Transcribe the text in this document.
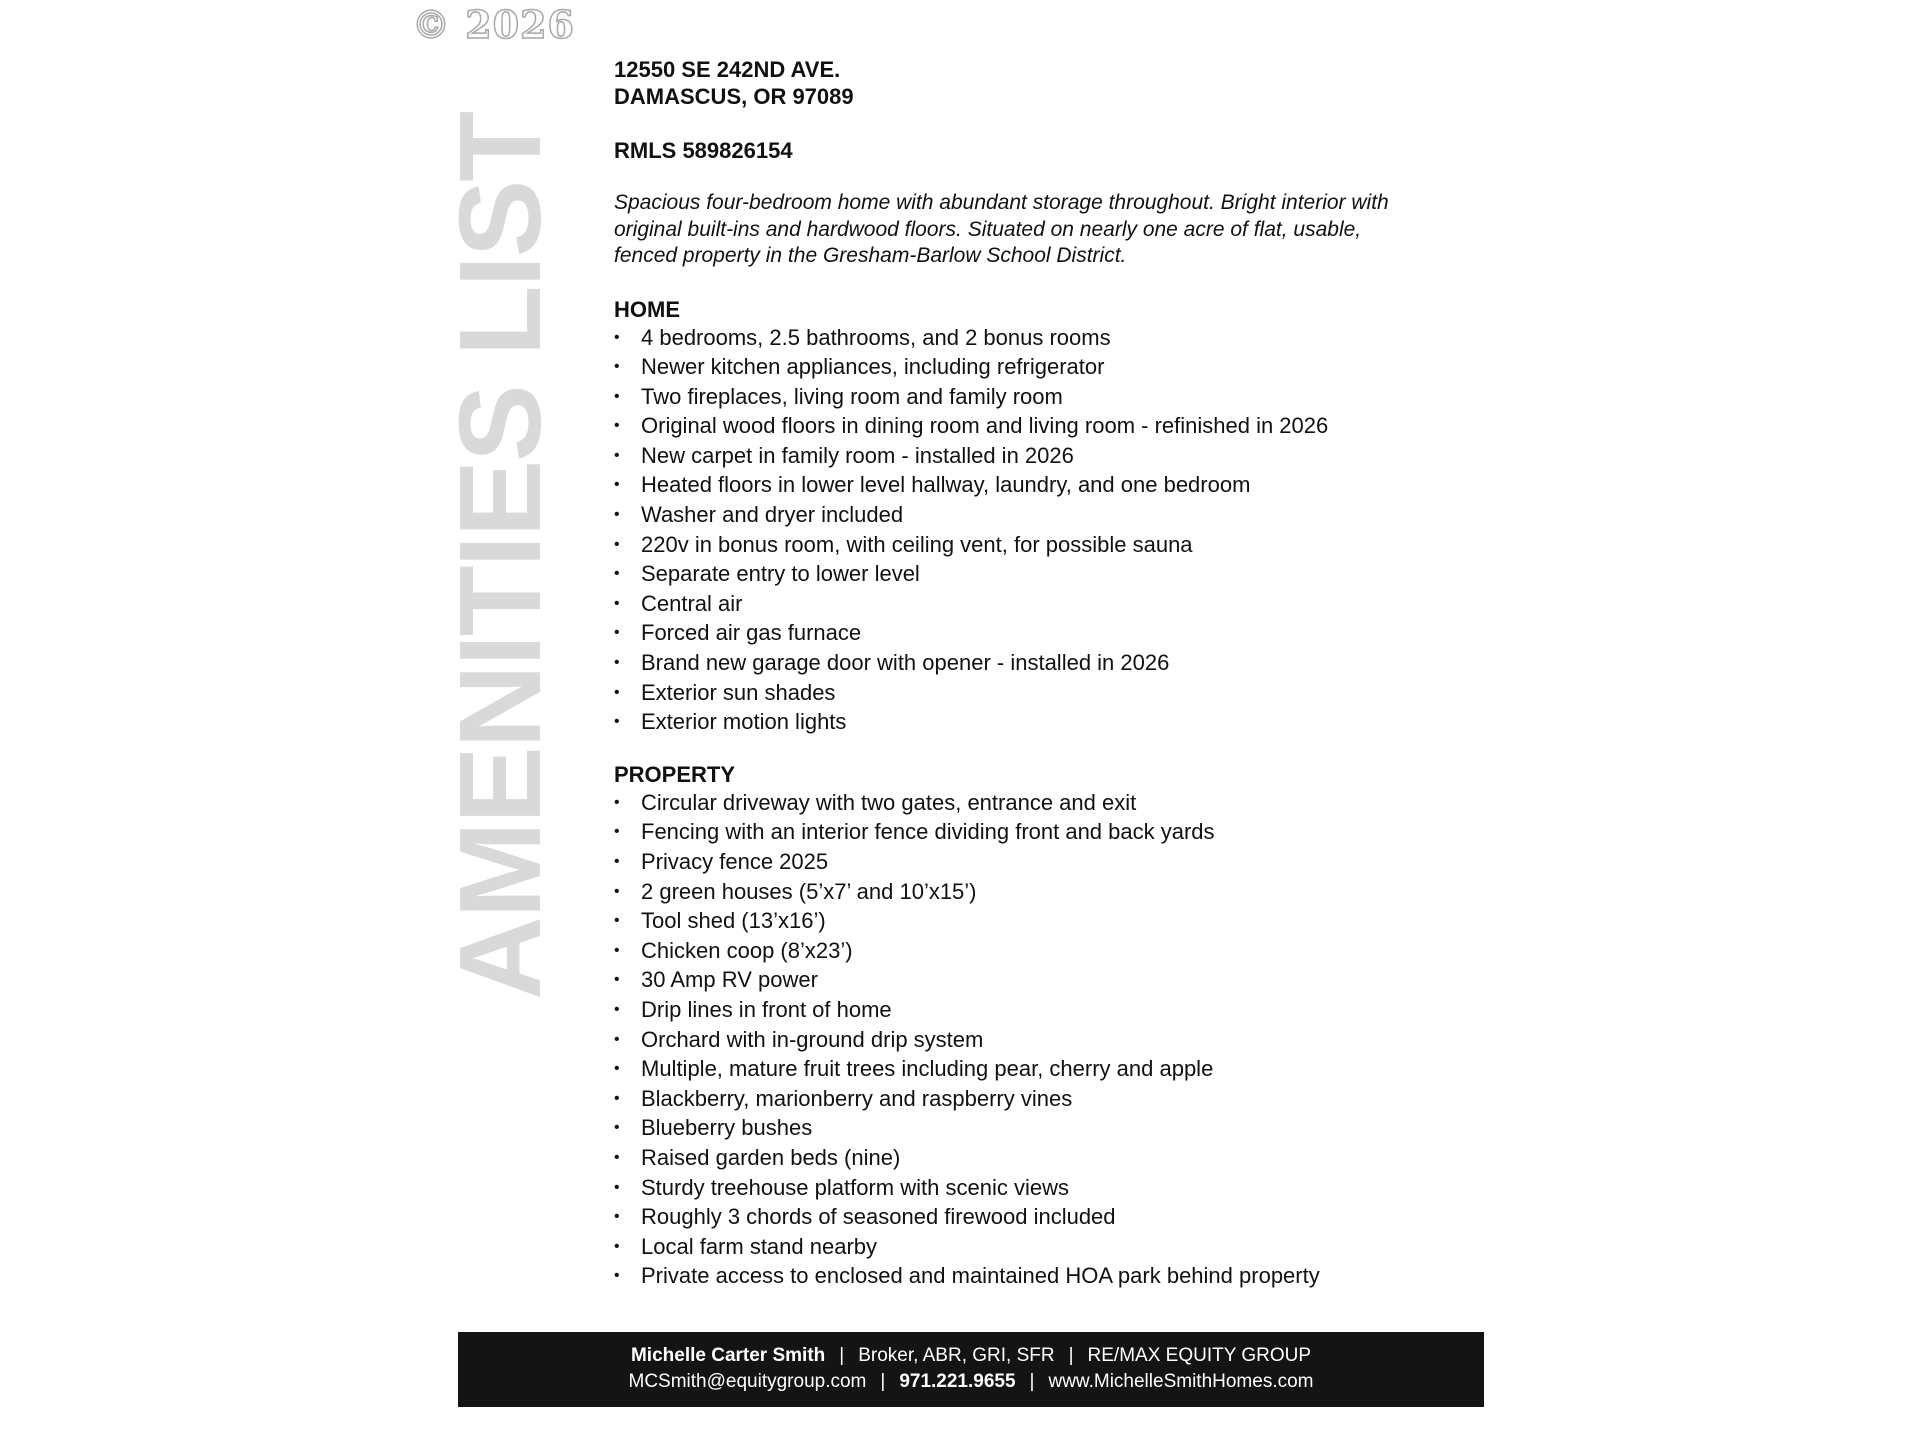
© 2026
AMENITIES LIST
12550 SE 242ND AVE.
DAMASCUS, OR 97089
RMLS 589826154
Spacious four-bedroom home with abundant storage throughout. Bright interior with original built-ins and hardwood floors. Situated on nearly one acre of flat, usable, fenced property in the Gresham-Barlow School District.
HOME
• 4 bedrooms, 2.5 bathrooms, and 2 bonus rooms
• Newer kitchen appliances, including refrigerator
• Two fireplaces, living room and family room
• Original wood floors in dining room and living room - refinished in 2026
• New carpet in family room - installed in 2026
• Heated floors in lower level hallway, laundry, and one bedroom
• Washer and dryer included
• 220v in bonus room, with ceiling vent, for possible sauna
• Separate entry to lower level
• Central air
• Forced air gas furnace
• Brand new garage door with opener - installed in 2026
• Exterior sun shades
• Exterior motion lights
PROPERTY
• Circular driveway with two gates, entrance and exit
• Fencing with an interior fence dividing front and back yards
• Privacy fence 2025
• 2 green houses (5’x7’ and 10’x15’)
• Tool shed (13’x16’)
• Chicken coop (8’x23’)
• 30 Amp RV power
• Drip lines in front of home
• Orchard with in-ground drip system
• Multiple, mature fruit trees including pear, cherry and apple
• Blackberry, marionberry and raspberry vines
• Blueberry bushes
• Raised garden beds (nine)
• Sturdy treehouse platform with scenic views
• Roughly 3 chords of seasoned firewood included
• Local farm stand nearby
• Private access to enclosed and maintained HOA park behind property
Michelle Carter Smith | Broker, ABR, GRI, SFR | RE/MAX EQUITY GROUP
MCSmith@equitygroup.com | 971.221.9655 | www.MichelleSmithHomes.com
